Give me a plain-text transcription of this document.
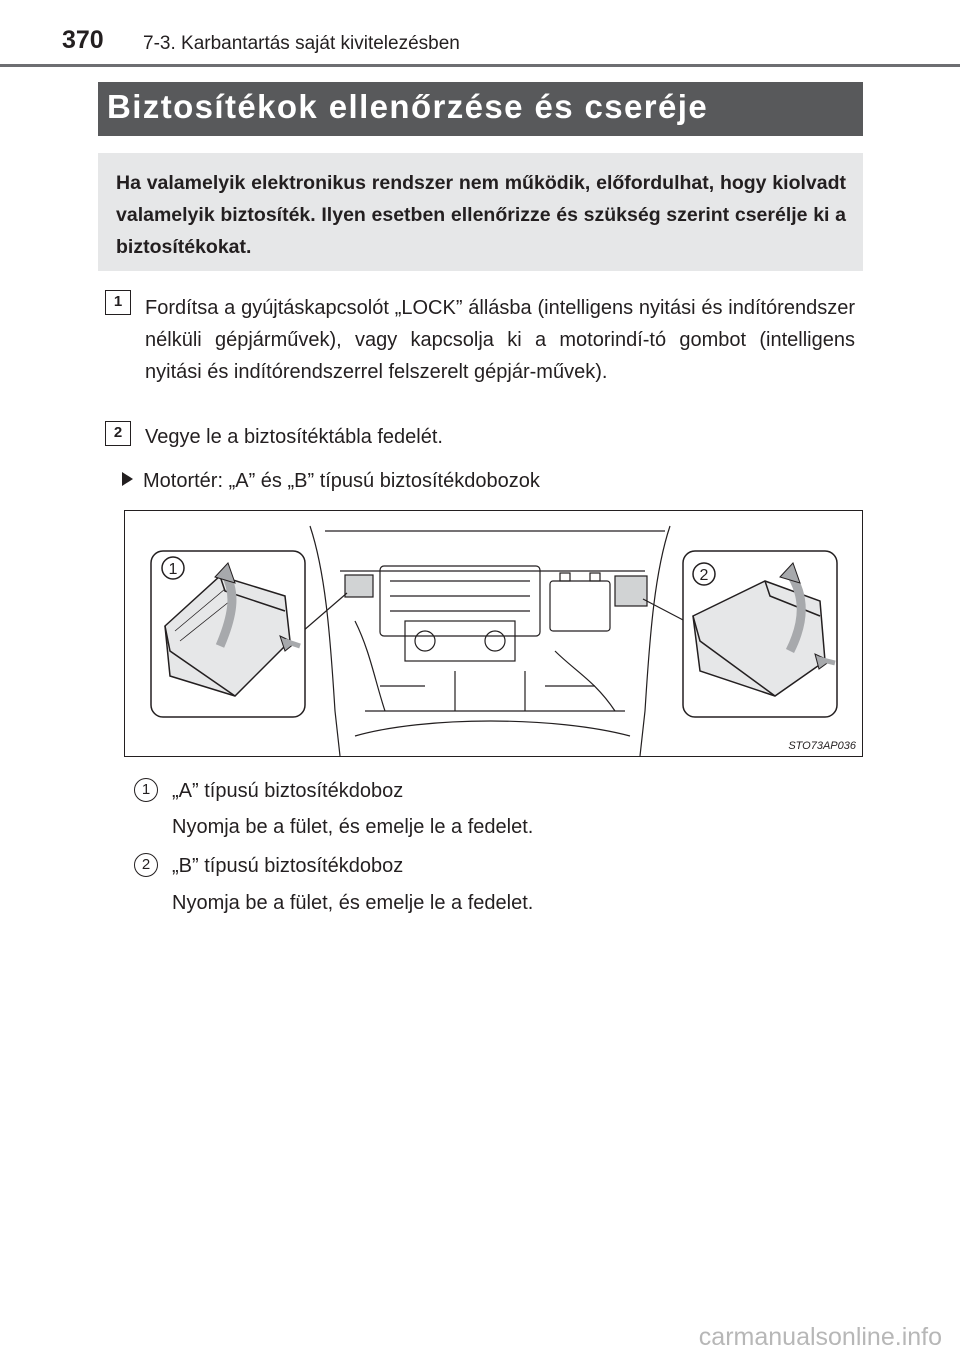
370 7-3. Karbantartás saját kivitelezésben
Biztosítékok ellenőrzése és cseréje

Ha valamelyik elektronikus rendszer nem működik, előfordulhat, hogy kiolvadt valamelyik biztosíték. Ilyen esetben ellenőrizze és szükség szerint cserélje ki a biztosítékokat.

1	Fordítsa a gyújtáskapcsolót „LOCK” állásba (intelligens nyitási és indítórendszer nélküli gépjárművek), vagy kapcsolja ki a motorindí-tó gombot (intelligens nyitási és indítórendszerrel felszerelt gépjár-művek).

2	Vegye le a biztosítéktábla fedelét.

Motortér: „A” és „B” típusú biztosítékdobozok
1	2
STO73AP036
1	„A” típusú biztosítékdoboz
Nyomja be a fület, és emelje le a fedelet.
2	„B” típusú biztosítékdoboz
Nyomja be a fület, és emelje le a fedelet.
carmanualsonline.info
